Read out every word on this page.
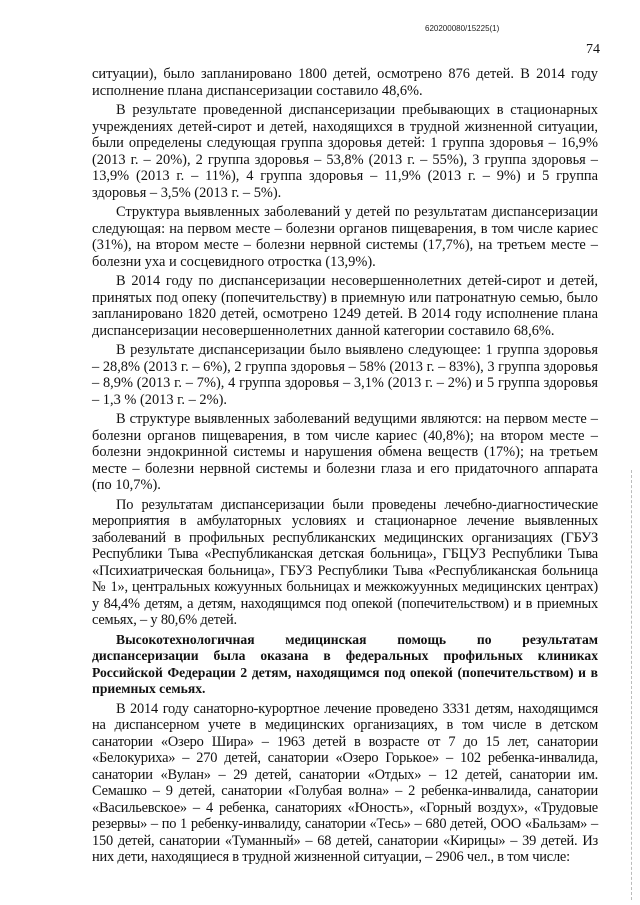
620200080/15225(1)
74

ситуации), было запланировано 1800 детей, осмотрено 876 детей. В 2014 году исполнение плана диспансеризации составило 48,6%.

В результате проведенной диспансеризации пребывающих в стационарных учреждениях детей-сирот и детей, находящихся в трудной жизненной ситуации, были определены следующая группа здоровья детей: 1 группа здоровья – 16,9% (2013 г. – 20%), 2 группа здоровья – 53,8% (2013 г. – 55%), 3 группа здоровья – 13,9% (2013 г. – 11%), 4 группа здоровья – 11,9% (2013 г. – 9%) и 5 группа здоровья – 3,5% (2013 г. – 5%).

Структура выявленных заболеваний у детей по результатам диспансеризации следующая: на первом месте – болезни органов пищеварения, в том числе кариес (31%), на втором месте – болезни нервной системы (17,7%), на третьем месте – болезни уха и сосцевидного отростка (13,9%).

В 2014 году по диспансеризации несовершеннолетних детей-сирот и детей, принятых под опеку (попечительству) в приемную или патронатную семью, было запланировано 1820 детей, осмотрено 1249 детей. В 2014 году исполнение плана диспансеризации несовершеннолетних данной категории составило 68,6%.

В результате диспансеризации было выявлено следующее: 1 группа здоровья – 28,8% (2013 г. – 6%), 2 группа здоровья – 58% (2013 г. – 83%), 3 группа здоровья – 8,9% (2013 г. – 7%), 4 группа здоровья – 3,1% (2013 г. – 2%) и 5 группа здоровья – 1,3 % (2013 г. – 2%).

В структуре выявленных заболеваний ведущими являются: на первом месте – болезни органов пищеварения, в том числе кариес (40,8%); на втором месте – болезни эндокринной системы и нарушения обмена веществ (17%); на третьем месте – болезни нервной системы и болезни глаза и его придаточного аппарата (по 10,7%).

По результатам диспансеризации были проведены лечебно-диагностические мероприятия в амбулаторных условиях и стационарное лечение выявленных заболеваний в профильных республиканских медицинских организациях (ГБУЗ Республики Тыва «Республиканская детская больница», ГБЦУЗ Республики Тыва «Психиатрическая больница», ГБУЗ Республики Тыва «Республиканская больница № 1», центральных кожуунных больницах и межкожуунных медицинских центрах) у 84,4% детям, а детям, находящимся под опекой (попечительством) и в приемных семьях, – у 80,6% детей.

Высокотехнологичная медицинская помощь по результатам диспансеризации была оказана в федеральных профильных клиниках Российской Федерации 2 детям, находящимся под опекой (попечительством) и в приемных семьях.

В 2014 году санаторно-курортное лечение проведено 3331 детям, находящимся на диспансерном учете в медицинских организациях, в том числе в детском санатории «Озеро Шира» – 1963 детей в возрасте от 7 до 15 лет, санатории «Белокуриха» – 270 детей, санатории «Озеро Горькое» – 102 ребенка-инвалида, санатории «Вулан» – 29 детей, санатории «Отдых» – 12 детей, санатории им. Семашко – 9 детей, санатории «Голубая волна» – 2 ребенка-инвалида, санатории «Васильевское» – 4 ребенка, санаториях «Юность», «Горный воздух», «Трудовые резервы» – по 1 ребенку-инвалиду, санатории «Тесь» – 680 детей, ООО «Бальзам» – 150 детей, санатории «Туманный» – 68 детей, санатории «Кирицы» – 39 детей. Из них дети, находящиеся в трудной жизненной ситуации, – 2906 чел., в том числе:
